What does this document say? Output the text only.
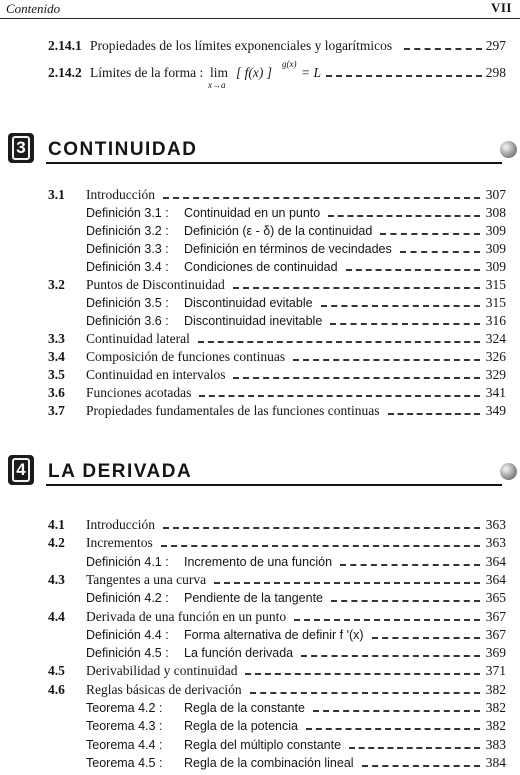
Contenido	VII
2.14.1 Propiedades de los límites exponenciales y logarítmicos	297
2.14.2 Límites de la forma : lim
x→a
[ f(x) ]
g(x)
= L	298
3 CONTINUIDAD
3.1 Introducción	307
Definición 3.1 : Continuidad en un punto	308
Definición 3.2 : Definición (ε - δ) de la continuidad	309
Definición 3.3 : Definición en términos de vecindades	309
Definición 3.4 : Condiciones de continuidad	309
3.2 Puntos de Discontinuidad	315
Definición 3.5 : Discontinuidad evitable	315
Definición 3.6 : Discontinuidad inevitable	316
3.3 Continuidad lateral	324
3.4 Composición de funciones continuas	326
3.5 Continuidad en intervalos	329
3.6 Funciones acotadas	341
3.7 Propiedades fundamentales de las funciones continuas	349
4 LA DERIVADA
4.1 Introducción	363
4.2 Incrementos	363
Definición 4.1 : Incremento de una función	364
4.3 Tangentes a una curva	364
Definición 4.2 : Pendiente de la tangente	365
4.4 Derivada de una función en un punto	367
Definición 4.4 : Forma alternativa de definir f '(x)	367
Definición 4.5 : La función derivada	369
4.5 Derivabilidad y continuidad	371
4.6 Reglas básicas de derivación	382
Teorema 4.2 : Regla de la constante	382
Teorema 4.3 : Regla de la potencia	382
Teorema 4.4 : Regla del múltiplo constante	383
Teorema 4.5 : Regla de la combinación lineal	384
